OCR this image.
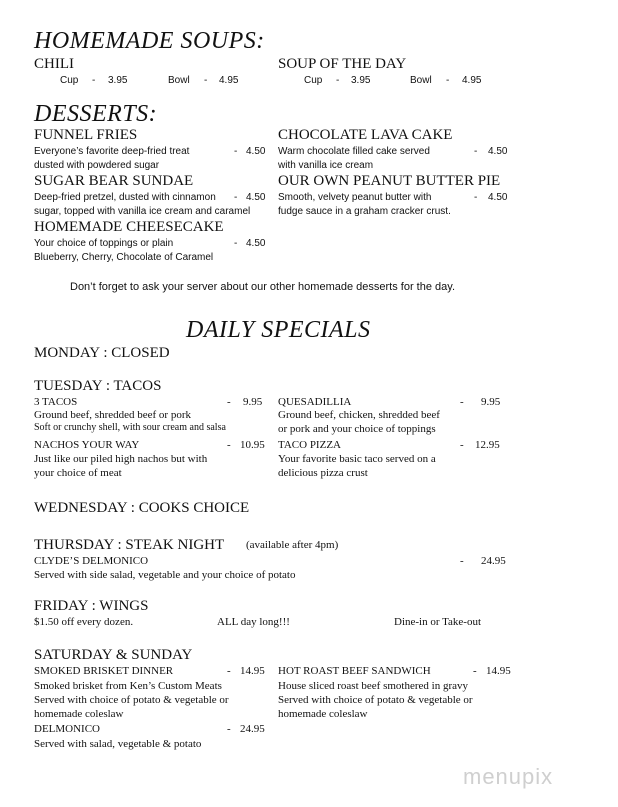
HOMEMADE SOUPS:
CHILI
Cup - 3.95	Bowl - 4.95
SOUP OF THE DAY
Cup - 3.95	Bowl - 4.95
DESSERTS:
FUNNEL FRIES
Everyone’s favorite deep-fried treat
dusted with powdered sugar
- 4.50
CHOCOLATE LAVA CAKE
Warm chocolate filled cake served
with vanilla ice cream
- 4.50
SUGAR BEAR SUNDAE
Deep-fried pretzel, dusted with cinnamon
sugar, topped with vanilla ice cream and caramel
- 4.50
OUR OWN PEANUT BUTTER PIE
Smooth, velvety peanut butter with
fudge sauce in a graham cracker crust.
- 4.50
HOMEMADE CHEESECAKE
Your choice of toppings or plain
Blueberry, Cherry, Chocolate of Caramel
- 4.50
Don’t forget to ask your server about our other homemade desserts for the day.
DAILY SPECIALS
MONDAY : CLOSED
TUESDAY : TACOS
3 TACOS	- 9.95
Ground beef, shredded beef or pork
Soft or crunchy shell, with sour cream and salsa
QUESADILLIA	- 9.95
Ground beef, chicken, shredded beef
or pork and your choice of toppings
NACHOS YOUR WAY	- 10.95
Just like our piled high nachos but with
your choice of meat
TACO PIZZA	- 12.95
Your favorite basic taco served on a
delicious pizza crust
WEDNESDAY : COOKS CHOICE
THURSDAY : STEAK NIGHT (available after 4pm)
CLYDE’S DELMONICO	- 24.95
Served with side salad, vegetable and your choice of potato
FRIDAY : WINGS
$1.50 off every dozen.	ALL day long!!!	Dine-in or Take-out
SATURDAY & SUNDAY
SMOKED BRISKET DINNER	- 14.95
Smoked brisket from Ken’s Custom Meats
Served with choice of potato & vegetable or
homemade coleslaw
HOT ROAST BEEF SANDWICH	- 14.95
House sliced roast beef smothered in gravy
Served with choice of potato & vegetable or
homemade coleslaw
DELMONICO	- 24.95
Served with salad, vegetable & potato
menupix
